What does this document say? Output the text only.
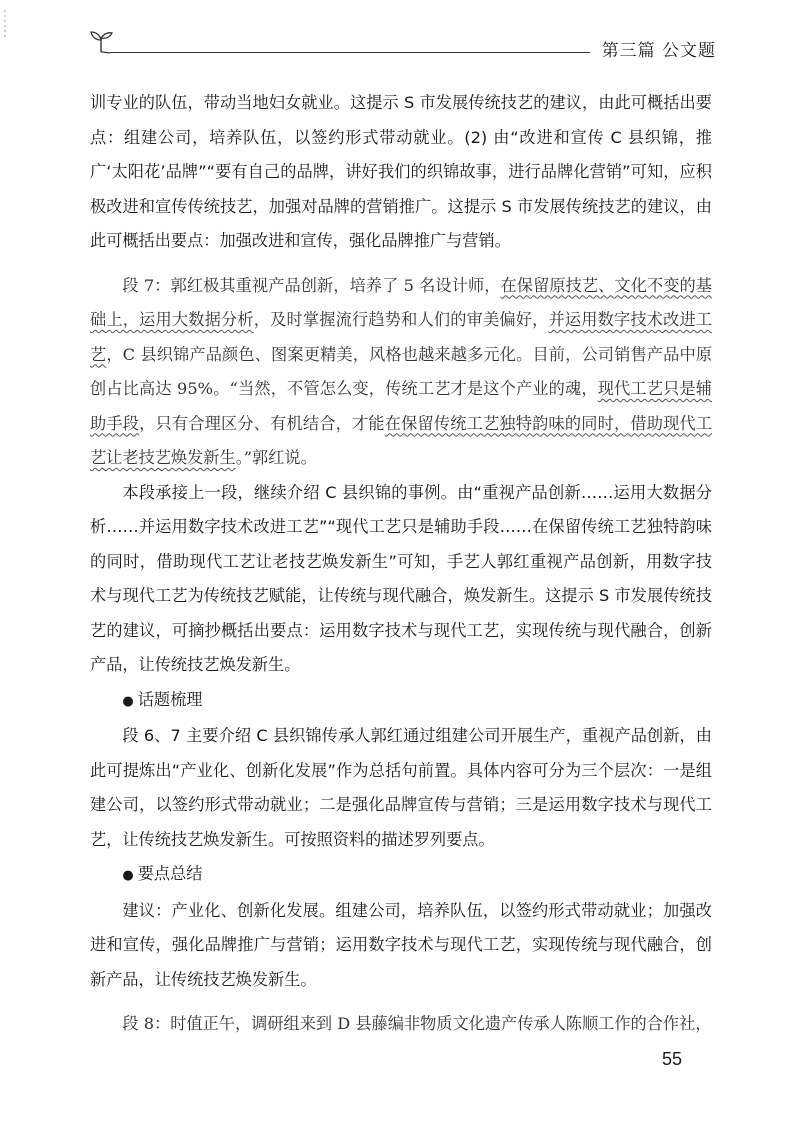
第三篇 公文题

训专业的队伍，带动当地妇女就业。这提示 S 市发展传统技艺的建议，由此可概括出要点：组建公司，培养队伍，以签约形式带动就业。(2) 由“改进和宣传 C 县织锦，推广‘太阳花’品牌”“要有自己的品牌，讲好我们的织锦故事，进行品牌化营销”可知，应积极改进和宣传传统技艺，加强对品牌的营销推广。这提示 S 市发展传统技艺的建议，由此可概括出要点：加强改进和宣传，强化品牌推广与营销。

段 7：郭红极其重视产品创新，培养了 5 名设计师，在保留原技艺、文化不变的基础上，运用大数据分析，及时掌握流行趋势和人们的审美偏好，并运用数字技术改进工艺，C 县织锦产品颜色、图案更精美，风格也越来越多元化。目前，公司销售产品中原创占比高达 95%。“当然，不管怎么变，传统工艺才是这个产业的魂，现代工艺只是辅助手段，只有合理区分、有机结合，才能在保留传统工艺独特韵味的同时，借助现代工艺让老技艺焕发新生。”郭红说。

本段承接上一段，继续介绍 C 县织锦的事例。由“重视产品创新……运用大数据分析……并运用数字技术改进工艺”“现代工艺只是辅助手段……在保留传统工艺独特韵味的同时，借助现代工艺让老技艺焕发新生”可知，手艺人郭红重视产品创新，用数字技术与现代工艺为传统技艺赋能，让传统与现代融合，焕发新生。这提示 S 市发展传统技艺的建议，可摘抄概括出要点：运用数字技术与现代工艺，实现传统与现代融合，创新产品，让传统技艺焕发新生。

● 话题梳理

段 6、7 主要介绍 C 县织锦传承人郭红通过组建公司开展生产，重视产品创新，由此可提炼出“产业化、创新化发展”作为总括句前置。具体内容可分为三个层次：一是组建公司，以签约形式带动就业；二是强化品牌宣传与营销；三是运用数字技术与现代工艺，让传统技艺焕发新生。可按照资料的描述罗列要点。

● 要点总结

建议：产业化、创新化发展。组建公司，培养队伍，以签约形式带动就业；加强改进和宣传，强化品牌推广与营销；运用数字技术与现代工艺，实现传统与现代融合，创新产品，让传统技艺焕发新生。

段 8：时值正午，调研组来到 D 县藤编非物质文化遗产传承人陈顺工作的合作社，

55
